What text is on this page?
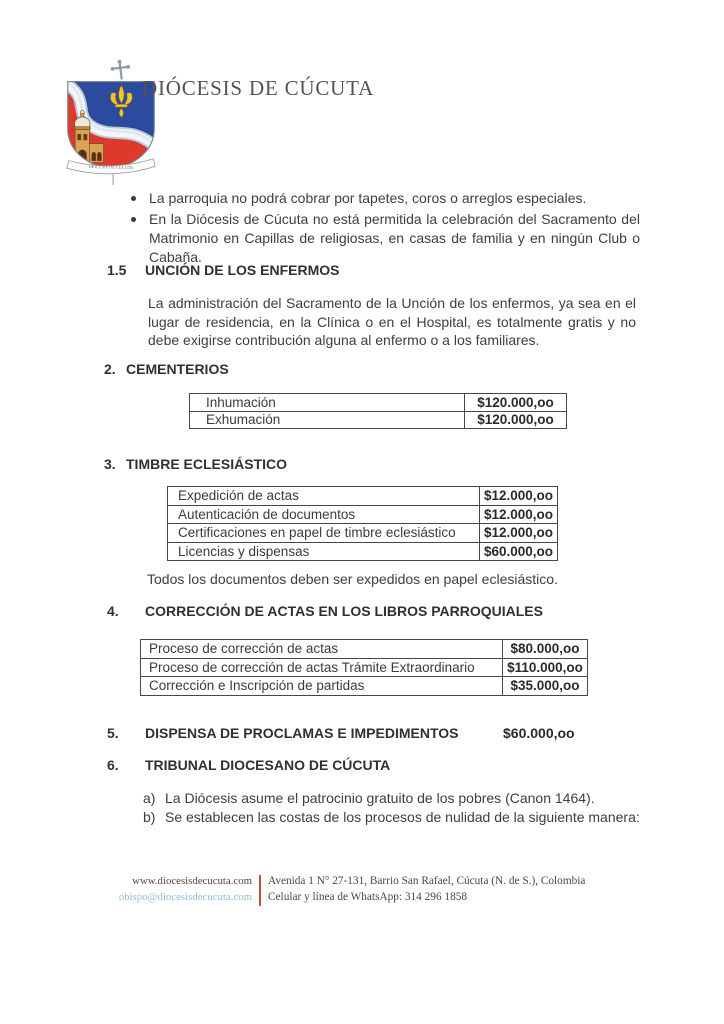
DIÓCESIS DE CÚCUTA
DIÓCESIS DE CÚCUTA
La parroquia no podrá cobrar por tapetes, coros o arreglos especiales.
En la Diócesis de Cúcuta no está permitida la celebración del Sacramento del Matrimonio en Capillas de religiosas, en casas de familia y en ningún Club o Cabaña.
1.5 UNCIÓN DE LOS ENFERMOS
La administración del Sacramento de la Unción de los enfermos, ya sea en el lugar de residencia, en la Clínica o en el Hospital, es totalmente gratis y no debe exigirse contribución alguna al enfermo o a los familiares.
2. CEMENTERIOS
Inhumación	$120.000,oo
Exhumación	$120.000,oo
3. TIMBRE ECLESIÁSTICO
Expedición de actas	$12.000,oo
Autenticación de documentos	$12.000,oo
Certificaciones en papel de timbre eclesiástico	$12.000,oo
Licencias y dispensas	$60.000,oo
Todos los documentos deben ser expedidos en papel eclesiástico.
4. CORRECCIÓN DE ACTAS EN LOS LIBROS PARROQUIALES
Proceso de corrección de actas	$80.000,oo
Proceso de corrección de actas Trámite Extraordinario	$110.000,oo
Corrección e Inscripción de partidas	$35.000,oo
5. DISPENSA DE PROCLAMAS E IMPEDIMENTOS	$60.000,oo
6. TRIBUNAL DIOCESANO DE CÚCUTA
a) La Diócesis asume el patrocinio gratuito de los pobres (Canon 1464).
b) Se establecen las costas de los procesos de nulidad de la siguiente manera:
www.diocesisdecucuta.com
obispo@diocesisdecucuta.com
Avenida 1 N° 27-131, Barrio San Rafael, Cúcuta (N. de S.), Colombia
Celular y línea de WhatsApp: 314 296 1858
